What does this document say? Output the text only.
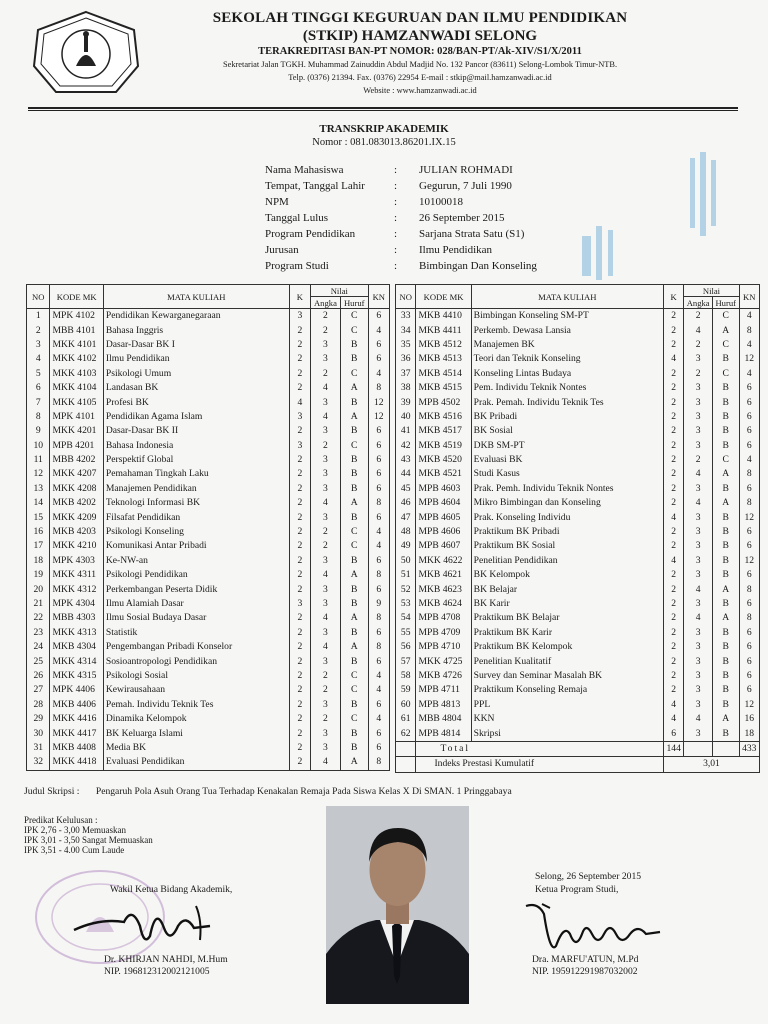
SEKOLAH TINGGI KEGURUAN DAN ILMU PENDIDIKAN
(STKIP) HAMZANWADI SELONG
TERAKREDITASI BAN-PT NOMOR: 028/BAN-PT/Ak-XIV/S1/X/2011
Sekretariat Jalan TGKH. Muhammad Zainuddin Abdul Madjid No. 132 Pancor (83611) Selong-Lombok Timur-NTB.
Telp. (0376) 21394. Fax. (0376) 22954 E-mail : stkip@mail.hamzanwadi.ac.id
Website : www.hamzanwadi.ac.id
TRANSKRIP AKADEMIK
Nomor : 081.083013.86201.IX.15
Nama Mahasiswa	: JULIAN ROHMADI
Tempat, Tanggal Lahir	: Gegurun, 7 Juli 1990
NPM	: 10100018
Tanggal Lulus	: 26 September 2015
Program Pendidikan	: Sarjana Strata Satu (S1)
Jurusan	: Ilmu Pendidikan
Program Studi	: Bimbingan Dan Konseling
NO	KODE MK	MATA KULIAH	K	Nilai		KN
				Angka	Huruf	
1	MPK 4102	Pendidikan Kewarganegaraan	3	2	C	6
2	MBB 4101	Bahasa Inggris	2	2	C	4
3	MKK 4101	Dasar-Dasar BK I	2	3	B	6
4	MKK 4102	Ilmu Pendidikan	2	3	B	6
5	MKK 4103	Psikologi Umum	2	2	C	4
6	MKK 4104	Landasan BK	2	4	A	8
7	MKK 4105	Profesi BK	4	3	B	12
8	MPK 4101	Pendidikan Agama Islam	3	4	A	12
9	MKK 4201	Dasar-Dasar BK II	2	3	B	6
10	MPB 4201	Bahasa Indonesia	3	2	C	6
11	MBB 4202	Perspektif Global	2	3	B	6
12	MKK 4207	Pemahaman Tingkah Laku	2	3	B	6
13	MKK 4208	Manajemen Pendidikan	2	3	B	6
14	MKB 4202	Teknologi Informasi BK	2	4	A	8
15	MKK 4209	Filsafat Pendidikan	2	3	B	6
16	MKB 4203	Psikologi Konseling	2	2	C	4
17	MKK 4210	Komunikasi Antar Pribadi	2	2	C	4
18	MPK 4303	Ke-NW-an	2	3	B	6
19	MKK 4311	Psikologi Pendidikan	2	4	A	8
20	MKK 4312	Perkembangan Peserta Didik	2	3	B	6
21	MPK 4304	Ilmu Alamiah Dasar	3	3	B	9
22	MBB 4303	Ilmu Sosial Budaya Dasar	2	4	A	8
23	MKK 4313	Statistik	2	3	B	6
24	MKB 4304	Pengembangan Pribadi Konselor	2	4	A	8
25	MKK 4314	Sosioantropologi Pendidikan	2	3	B	6
26	MKK 4315	Psikologi Sosial	2	2	C	4
27	MPK 4406	Kewirausahaan	2	2	C	4
28	MKB 4406	Pemah. Individu Teknik Tes	2	3	B	6
29	MKK 4416	Dinamika Kelompok	2	2	C	4
30	MKK 4417	BK Keluarga Islami	2	3	B	6
31	MKB 4408	Media BK	2	3	B	6
32	MKK 4418	Evaluasi Pendidikan	2	4	A	8
NO	KODE MK	MATA KULIAH	K	Nilai		KN
				Angka	Huruf	
33	MKB 4410	Bimbingan Konseling SM-PT	2	2	C	4
34	MKB 4411	Perkemb. Dewasa Lansia	2	4	A	8
35	MKB 4512	Manajemen BK	2	2	C	4
36	MKB 4513	Teori dan Teknik Konseling	4	3	B	12
37	MKB 4514	Konseling Lintas Budaya	2	2	C	4
38	MKB 4515	Pem. Individu Teknik Nontes	2	3	B	6
39	MPB 4502	Prak. Pemah. Individu Teknik Tes	2	3	B	6
40	MKB 4516	BK Pribadi	2	3	B	6
41	MKB 4517	BK Sosial	2	3	B	6
42	MKB 4519	DKB SM-PT	2	3	B	6
43	MKB 4520	Evaluasi BK	2	2	C	4
44	MKB 4521	Studi Kasus	2	4	A	8
45	MPB 4603	Prak. Pemh. Individu Teknik Nontes	2	3	B	6
46	MPB 4604	Mikro Bimbingan dan Konseling	2	4	A	8
47	MPB 4605	Prak. Konseling Individu	4	3	B	12
48	MPB 4606	Praktikum BK Pribadi	2	3	B	6
49	MPB 4607	Praktikum BK Sosial	2	3	B	6
50	MKK 4622	Penelitian Pendidikan	4	3	B	12
51	MKB 4621	BK Kelompok	2	3	B	6
52	MKB 4623	BK Belajar	2	4	A	8
53	MKB 4624	BK Karir	2	3	B	6
54	MPB 4708	Praktikum BK Belajar	2	4	A	8
55	MPB 4709	Praktikum BK Karir	2	3	B	6
56	MPB 4710	Praktikum BK Kelompok	2	3	B	6
57	MKK 4725	Penelitian Kualitatif	2	3	B	6
58	MKB 4726	Survey dan Seminar Masalah BK	2	3	B	6
59	MPB 4711	Praktikum Konseling Remaja	2	3	B	6
60	MPB 4813	PPL	4	3	B	12
61	MBB 4804	KKN	4	4	A	16
62	MPB 4814	Skripsi	6	3	B	18
	Total		144			433
	Indeks Prestasi Kumulatif		3,01			
Judul Skripsi : Pengaruh Pola Asuh Orang Tua Terhadap Kenakalan Remaja Pada Siswa Kelas X Di SMAN. 1 Pringgabaya
Predikat Kelulusan :
IPK 2,76 - 3,00 Memuaskan
IPK 3,01 - 3,50 Sangat Memuaskan
IPK 3,51 - 4.00 Cum Laude
Wakil Ketua Bidang Akademik,
Dr. KHIRJAN NAHDI, M.Hum
NIP. 196812312002121005
Selong, 26 September 2015
Ketua Program Studi,
Dra. MARFU'ATUN, M.Pd
NIP. 195912291987032002
